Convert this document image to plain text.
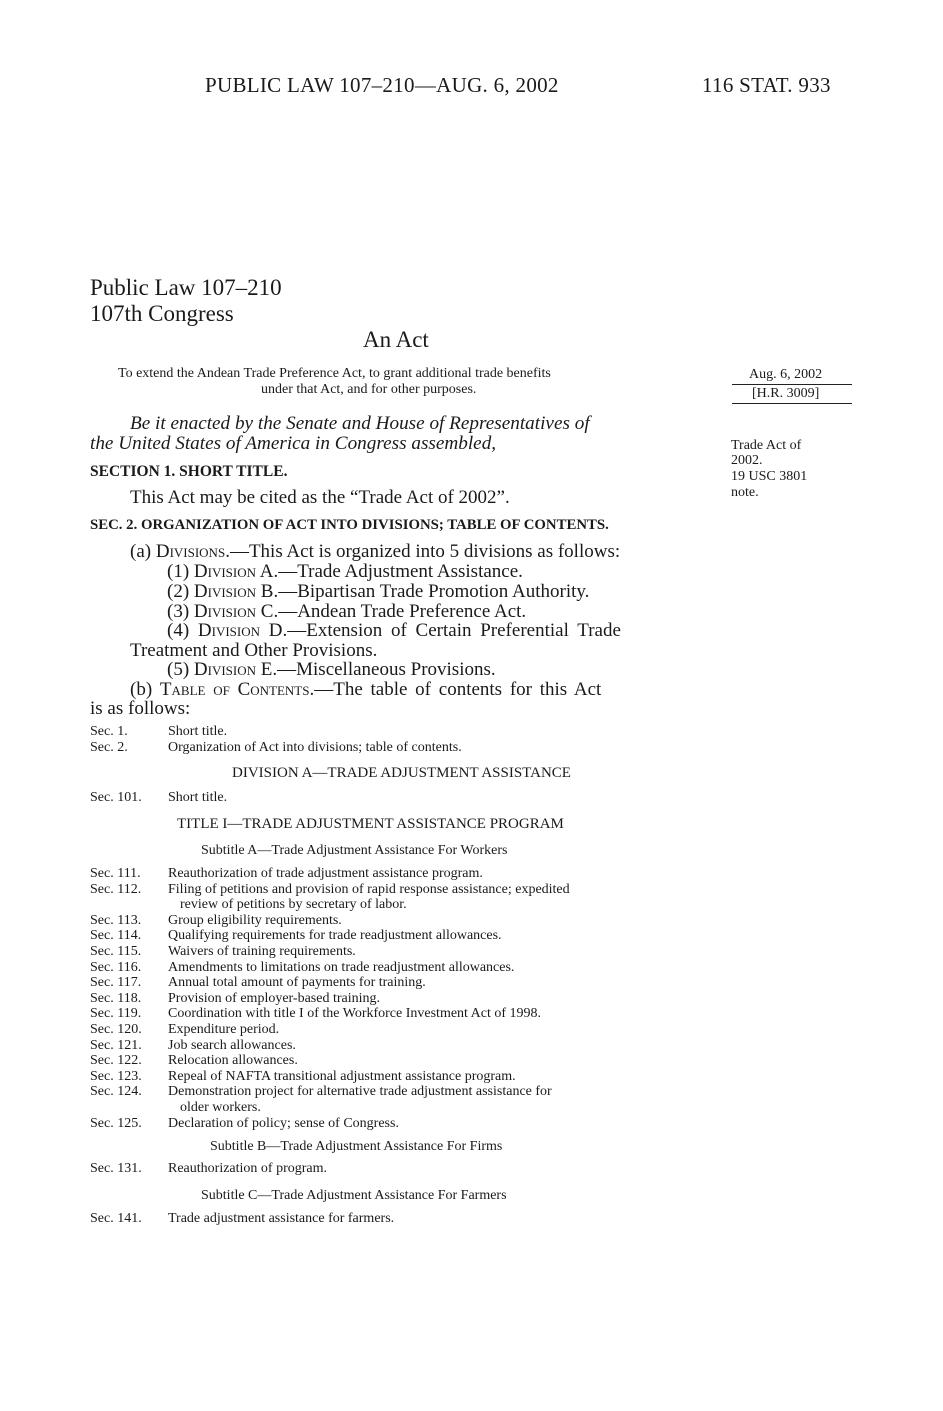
PUBLIC LAW 107–210—AUG. 6, 2002	116 STAT. 933
Public Law 107–210
107th Congress
An Act
To extend the Andean Trade Preference Act, to grant additional trade benefits
under that Act, and for other purposes.
Aug. 6, 2002
[H.R. 3009]
Trade Act of
2002.
19 USC 3801
note.
Be it enacted by the Senate and House of Representatives of
the United States of America in Congress assembled,
SECTION 1. SHORT TITLE.
This Act may be cited as the “Trade Act of 2002”.
SEC. 2. ORGANIZATION OF ACT INTO DIVISIONS; TABLE OF CONTENTS.
(a) Divisions.—This Act is organized into 5 divisions as follows:
(1) Division A.—Trade Adjustment Assistance.
(2) Division B.—Bipartisan Trade Promotion Authority.
(3) Division C.—Andean Trade Preference Act.
(4) Division D.—Extension of Certain Preferential Trade
Treatment and Other Provisions.
(5) Division E.—Miscellaneous Provisions.
(b) Table of Contents.—The table of contents for this Act
is as follows:
Sec. 1.	Short title.
Sec. 2.	Organization of Act into divisions; table of contents.
DIVISION A—TRADE ADJUSTMENT ASSISTANCE
Sec. 101.	Short title.
TITLE I—TRADE ADJUSTMENT ASSISTANCE PROGRAM
Subtitle A—Trade Adjustment Assistance For Workers
Sec. 111.	Reauthorization of trade adjustment assistance program.
Sec. 112.	Filing of petitions and provision of rapid response assistance; expedited
review of petitions by secretary of labor.
Sec. 113.	Group eligibility requirements.
Sec. 114.	Qualifying requirements for trade readjustment allowances.
Sec. 115.	Waivers of training requirements.
Sec. 116.	Amendments to limitations on trade readjustment allowances.
Sec. 117.	Annual total amount of payments for training.
Sec. 118.	Provision of employer-based training.
Sec. 119.	Coordination with title I of the Workforce Investment Act of 1998.
Sec. 120.	Expenditure period.
Sec. 121.	Job search allowances.
Sec. 122.	Relocation allowances.
Sec. 123.	Repeal of NAFTA transitional adjustment assistance program.
Sec. 124.	Demonstration project for alternative trade adjustment assistance for
older workers.
Sec. 125.	Declaration of policy; sense of Congress.
Subtitle B—Trade Adjustment Assistance For Firms
Sec. 131.	Reauthorization of program.
Subtitle C—Trade Adjustment Assistance For Farmers
Sec. 141.	Trade adjustment assistance for farmers.
